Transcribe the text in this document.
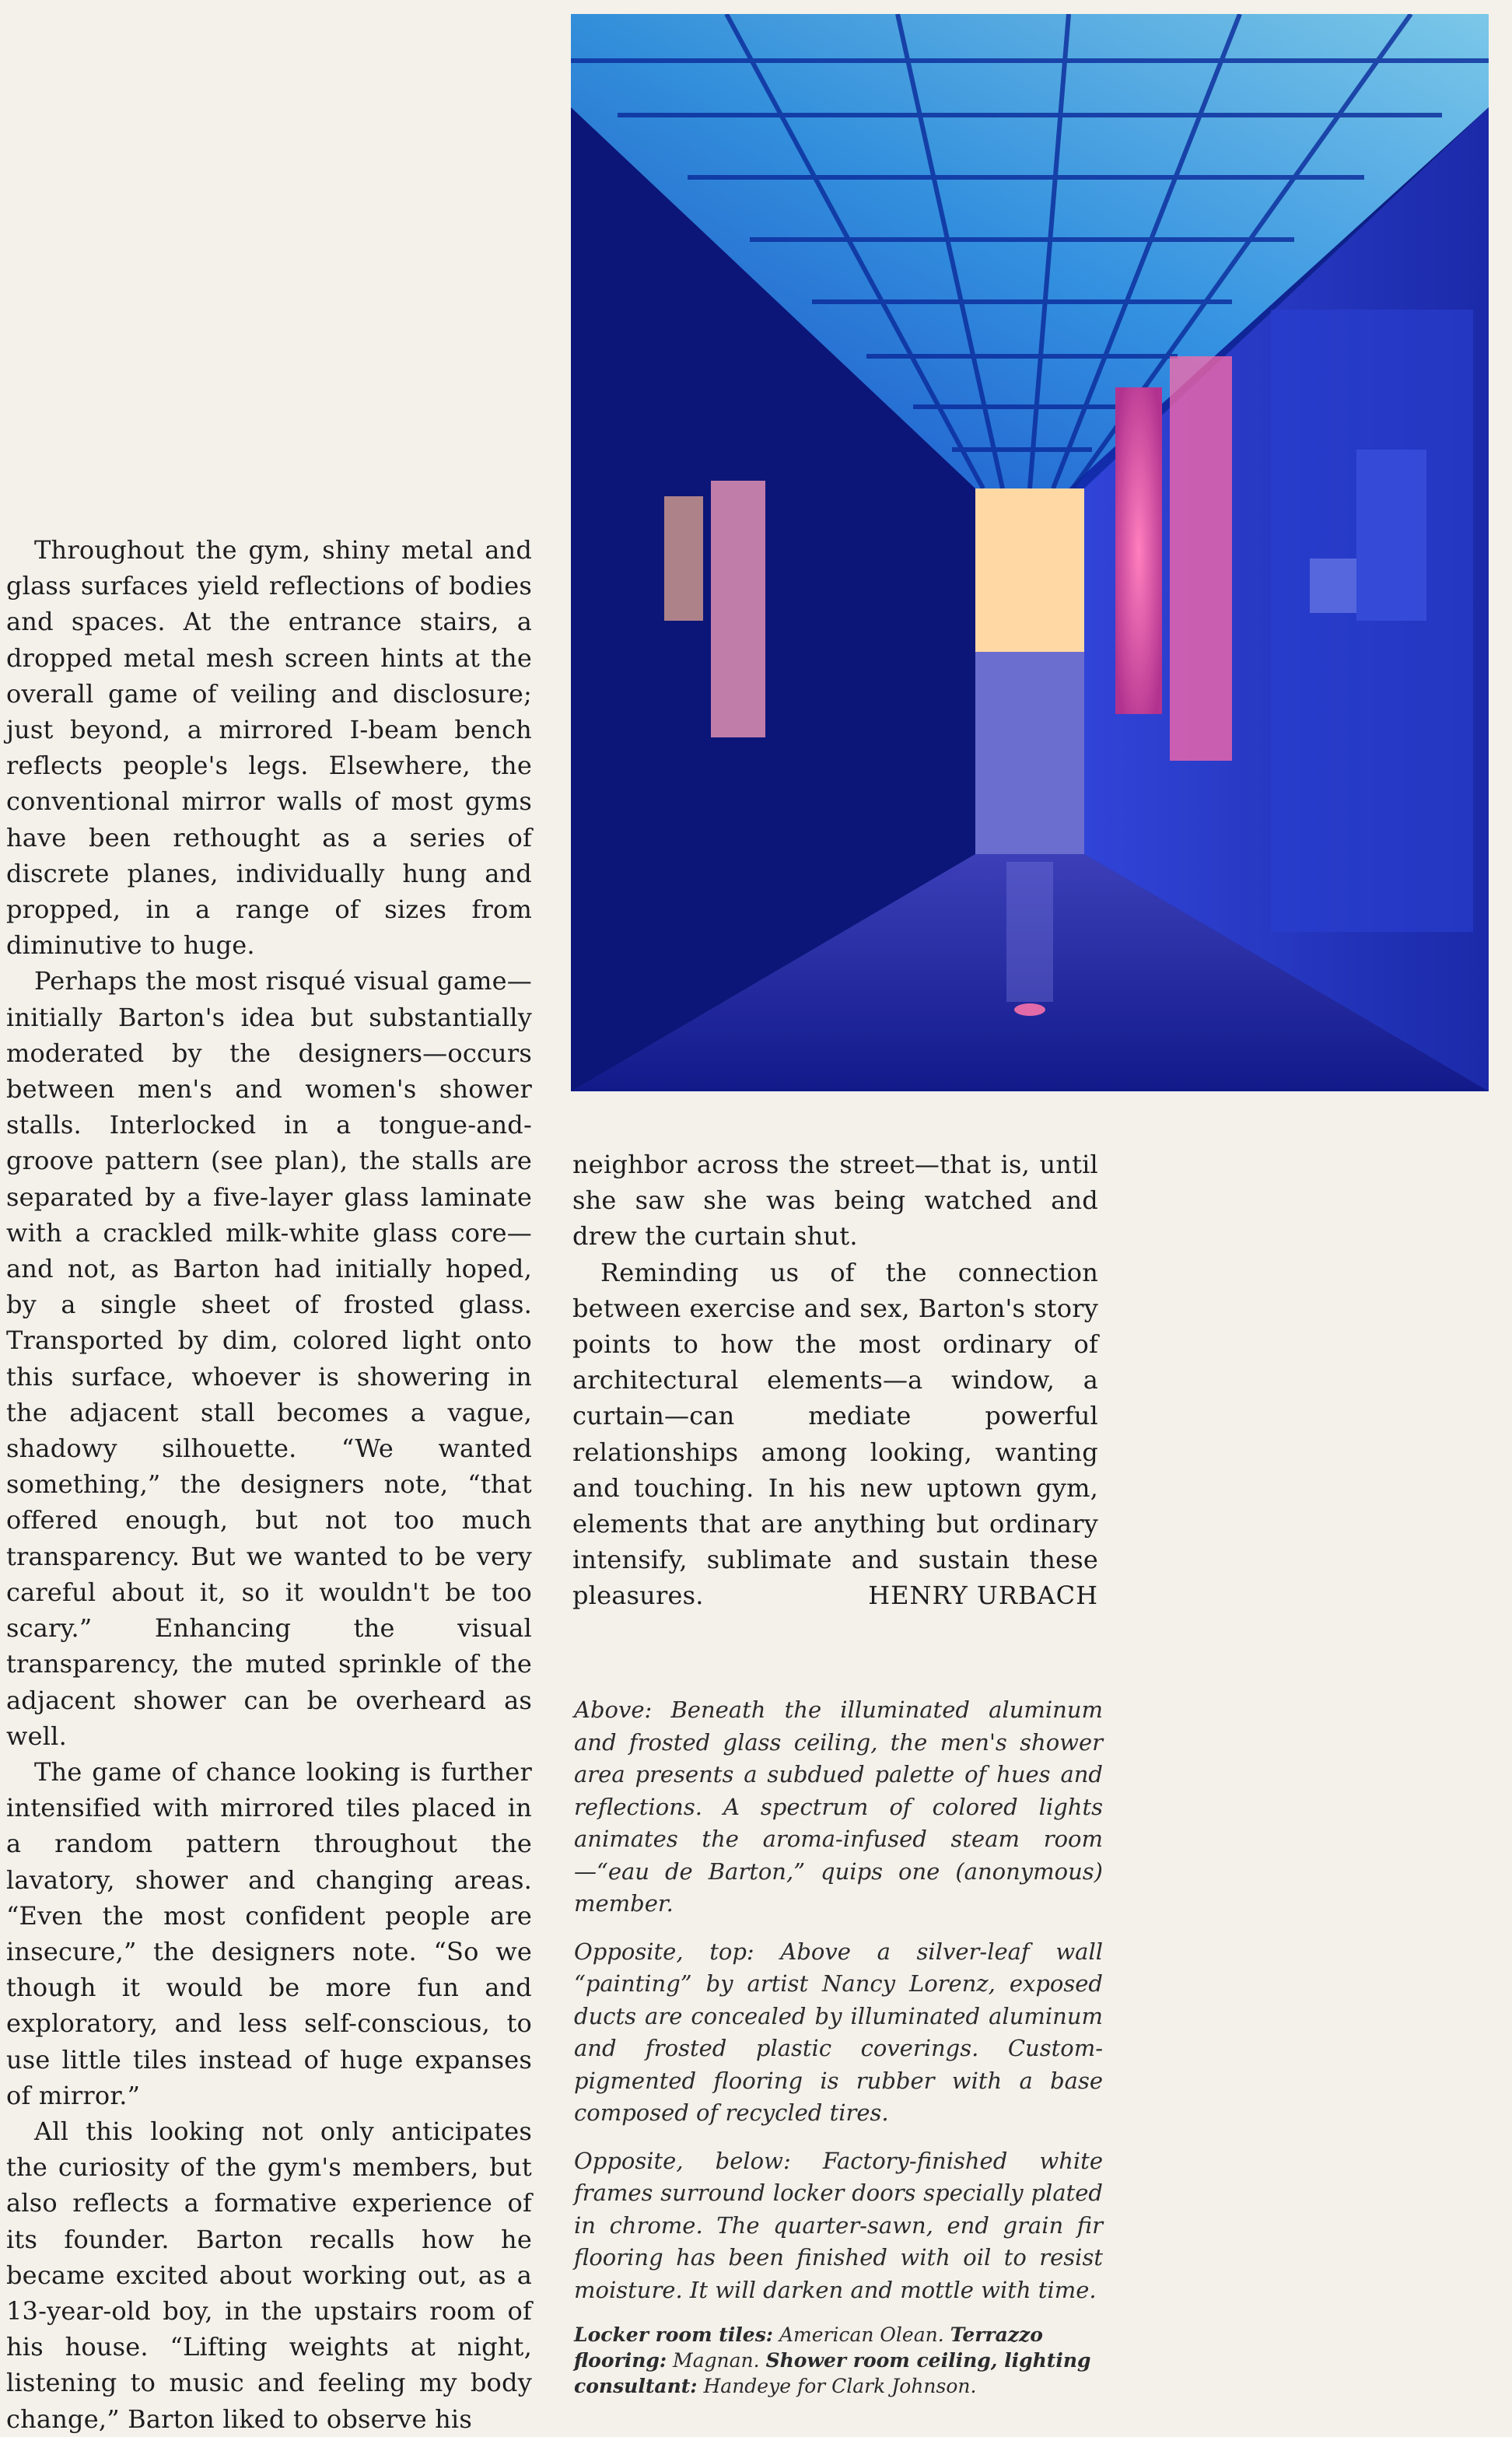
Throughout the gym, shiny metal and glass surfaces yield reflections of bodies and spaces. At the entrance stairs, a dropped metal mesh screen hints at the overall game of veiling and disclosure; just beyond, a mirrored I-beam bench reflects people's legs. Elsewhere, the conventional mirror walls of most gyms have been rethought as a series of discrete planes, individually hung and propped, in a range of sizes from diminutive to huge.

Perhaps the most risqué visual game—initially Barton's idea but substantially moderated by the designers—occurs between men's and women's shower stalls. Interlocked in a tongue-and-groove pattern (see plan), the stalls are separated by a five-layer glass laminate with a crackled milk-white glass core—and not, as Barton had initially hoped, by a single sheet of frosted glass. Transported by dim, colored light onto this surface, whoever is showering in the adjacent stall becomes a vague, shadowy silhouette. “We wanted something,” the designers note, “that offered enough, but not too much transparency. But we wanted to be very careful about it, so it wouldn't be too scary.” Enhancing the visual transparency, the muted sprinkle of the adjacent shower can be overheard as well.

The game of chance looking is further intensified with mirrored tiles placed in a random pattern throughout the lavatory, shower and changing areas. “Even the most confident people are insecure,” the designers note. “So we though it would be more fun and exploratory, and less self-conscious, to use little tiles instead of huge expanses of mirror.”

All this looking not only anticipates the curiosity of the gym's members, but also reflects a formative experience of its founder. Barton recalls how he became excited about working out, as a 13-year-old boy, in the upstairs room of his house. “Lifting weights at night, listening to music and feeling my body change,” Barton liked to observe his

neighbor across the street—that is, until she saw she was being watched and drew the curtain shut.

Reminding us of the connection between exercise and sex, Barton's story points to how the most ordinary of architectural elements—a window, a curtain—can mediate powerful relationships among looking, wanting and touching. In his new uptown gym, elements that are anything but ordinary intensify, sublimate and sustain these pleasures.	HENRY URBACH

Above: Beneath the illuminated aluminum and frosted glass ceiling, the men's shower area presents a subdued palette of hues and reflections. A spectrum of colored lights animates the aroma-infused steam room—“eau de Barton,” quips one (anonymous) member.

Opposite, top: Above a silver-leaf wall “painting” by artist Nancy Lorenz, exposed ducts are concealed by illuminated aluminum and frosted plastic coverings. Custom-pigmented flooring is rubber with a base composed of recycled tires.

Opposite, below: Factory-finished white frames surround locker doors specially plated in chrome. The quarter-sawn, end grain fir flooring has been finished with oil to resist moisture. It will darken and mottle with time.

Locker room tiles: American Olean. Terrazzo flooring: Magnan. Shower room ceiling, lighting consultant: Handeye for Clark Johnson.
